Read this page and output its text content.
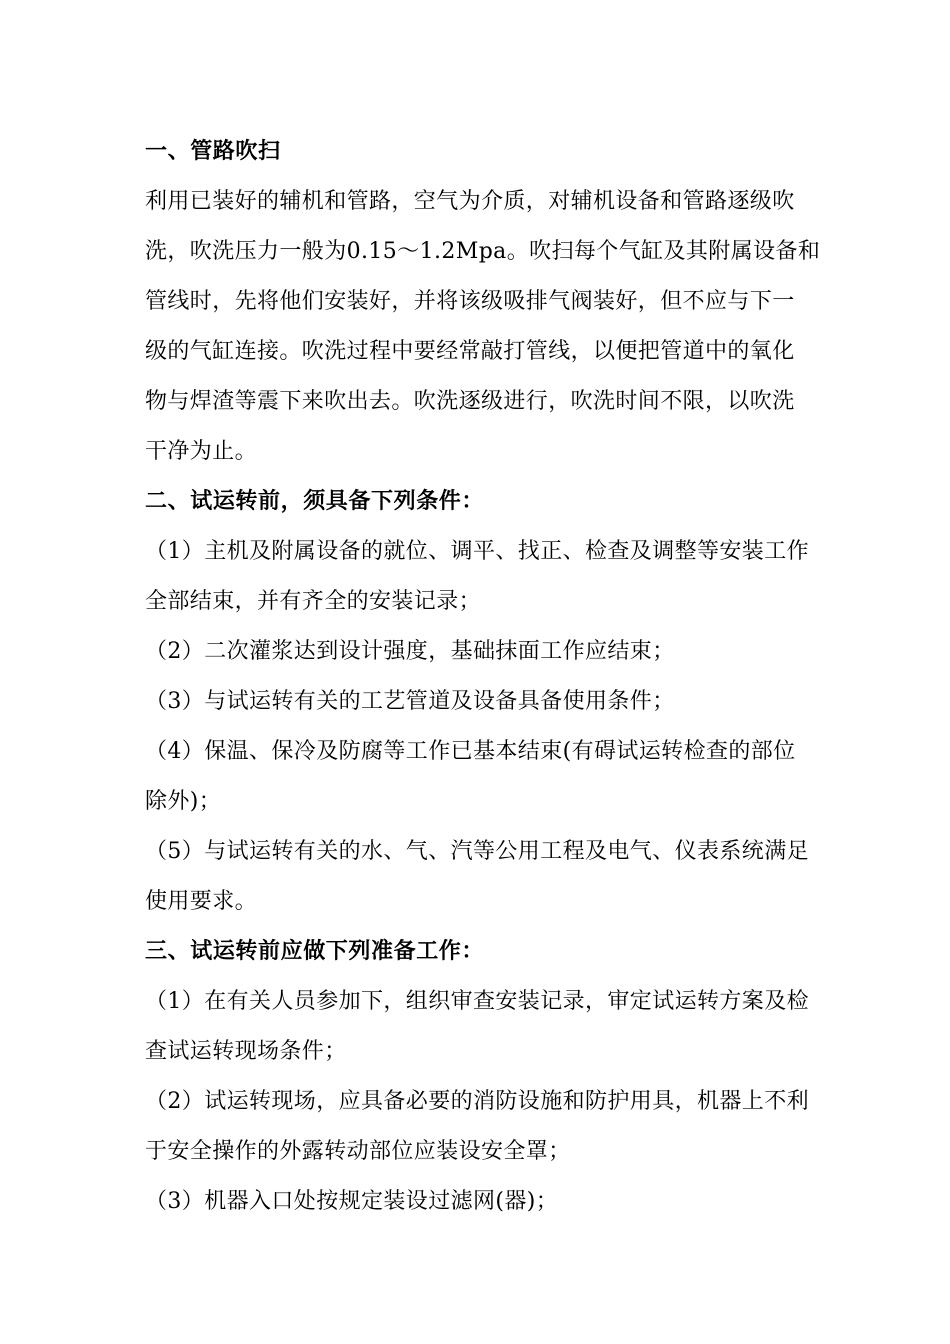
一、管路吹扫
利用已装好的辅机和管路，空气为介质，对辅机设备和管路逐级吹
洗，吹洗压力一般为0.15～1.2Mpa。吹扫每个气缸及其附属设备和
管线时，先将他们安装好，并将该级吸排气阀装好，但不应与下一
级的气缸连接。吹洗过程中要经常敲打管线，以便把管道中的氧化
物与焊渣等震下来吹出去。吹洗逐级进行，吹洗时间不限，以吹洗
干净为止。
二、试运转前，须具备下列条件：
（1）主机及附属设备的就位、调平、找正、检查及调整等安装工作
全部结束，并有齐全的安装记录；
（2）二次灌浆达到设计强度，基础抹面工作应结束；
（3）与试运转有关的工艺管道及设备具备使用条件；
（4）保温、保冷及防腐等工作已基本结束(有碍试运转检查的部位
除外)；
（5）与试运转有关的水、气、汽等公用工程及电气、仪表系统满足
使用要求。
三、试运转前应做下列准备工作：
（1）在有关人员参加下，组织审查安装记录，审定试运转方案及检
查试运转现场条件；
（2）试运转现场，应具备必要的消防设施和防护用具，机器上不利
于安全操作的外露转动部位应装设安全罩；
（3）机器入口处按规定装设过滤网(器)；
